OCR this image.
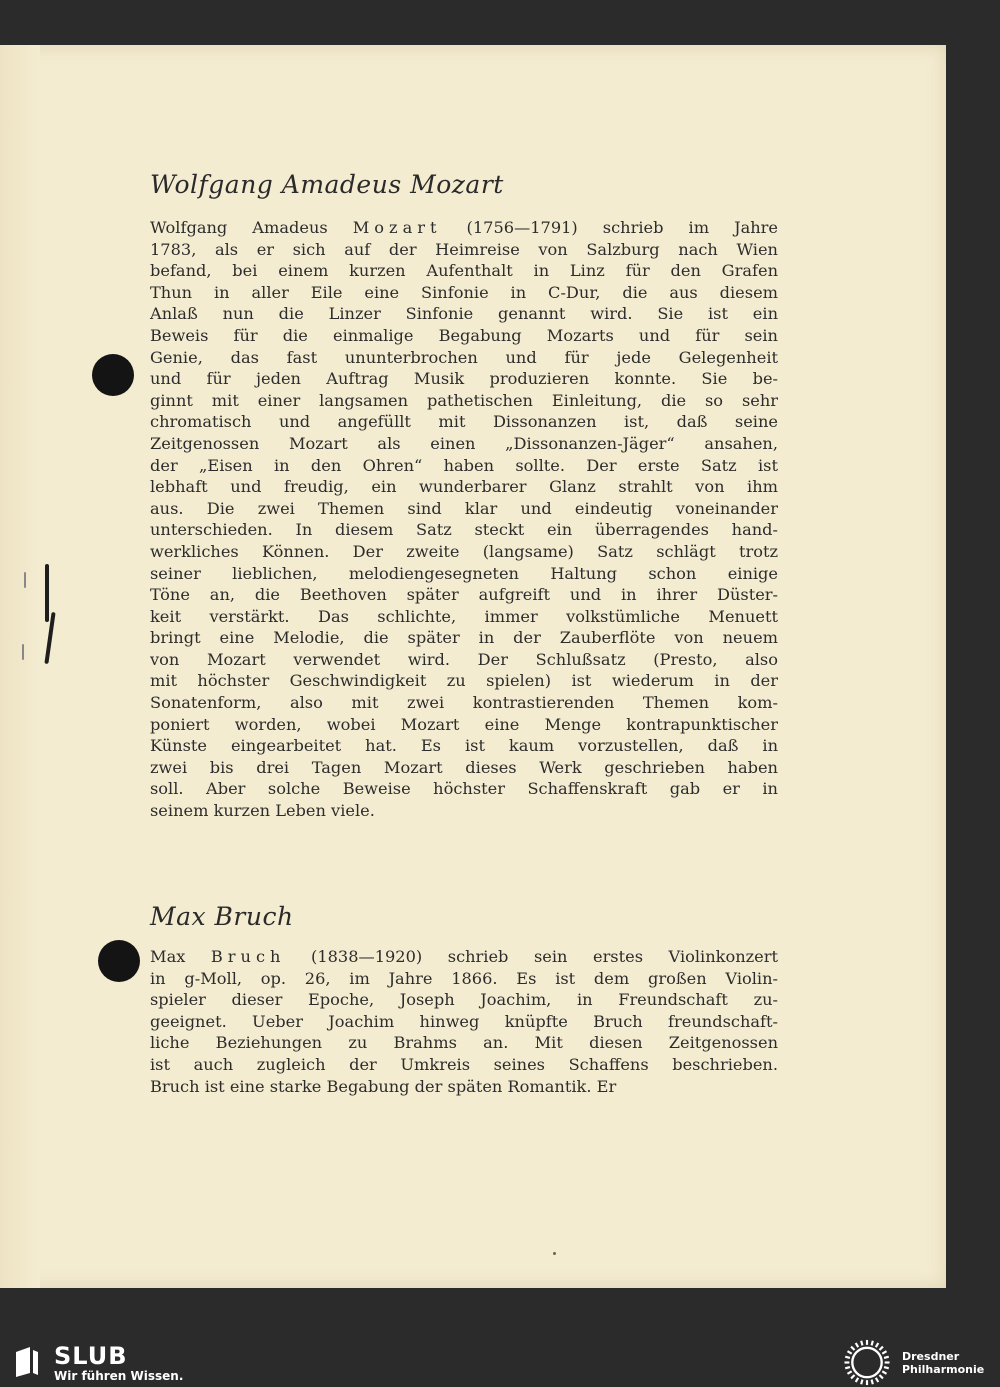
Wolfgang Amadeus Mozart
Wolfgang Amadeus Mozart (1756—1791) schrieb im Jahre
1783, als er sich auf der Heimreise von Salzburg nach Wien
befand, bei einem kurzen Aufenthalt in Linz für den Grafen
Thun in aller Eile eine Sinfonie in C-Dur, die aus diesem
Anlaß nun die Linzer Sinfonie genannt wird. Sie ist ein
Beweis für die einmalige Begabung Mozarts und für sein
Genie, das fast ununterbrochen und für jede Gelegenheit
und für jeden Auftrag Musik produzieren konnte. Sie be-
ginnt mit einer langsamen pathetischen Einleitung, die so sehr
chromatisch und angefüllt mit Dissonanzen ist, daß seine
Zeitgenossen Mozart als einen „Dissonanzen-Jäger“ ansahen,
der „Eisen in den Ohren“ haben sollte. Der erste Satz ist
lebhaft und freudig, ein wunderbarer Glanz strahlt von ihm
aus. Die zwei Themen sind klar und eindeutig voneinander
unterschieden. In diesem Satz steckt ein überragendes hand-
werkliches Können. Der zweite (langsame) Satz schlägt trotz
seiner lieblichen, melodiengesegneten Haltung schon einige
Töne an, die Beethoven später aufgreift und in ihrer Düster-
keit verstärkt. Das schlichte, immer volkstümliche Menuett
bringt eine Melodie, die später in der Zauberflöte von neuem
von Mozart verwendet wird. Der Schlußsatz (Presto, also
mit höchster Geschwindigkeit zu spielen) ist wiederum in der
Sonatenform, also mit zwei kontrastierenden Themen kom-
poniert worden, wobei Mozart eine Menge kontrapunktischer
Künste eingearbeitet hat. Es ist kaum vorzustellen, daß in
zwei bis drei Tagen Mozart dieses Werk geschrieben haben
soll. Aber solche Beweise höchster Schaffenskraft gab er in
seinem kurzen Leben viele.
Max Bruch
Max Bruch (1838—1920) schrieb sein erstes Violinkonzert
in g-Moll, op. 26, im Jahre 1866. Es ist dem großen Violin-
spieler dieser Epoche, Joseph Joachim, in Freundschaft zu-
geeignet. Ueber Joachim hinweg knüpfte Bruch freundschaft-
liche Beziehungen zu Brahms an. Mit diesen Zeitgenossen
ist auch zugleich der Umkreis seines Schaffens beschrieben.
Bruch ist eine starke Begabung der späten Romantik. Er
SLUB
Wir führen Wissen.
Dresdner
Philharmonie
